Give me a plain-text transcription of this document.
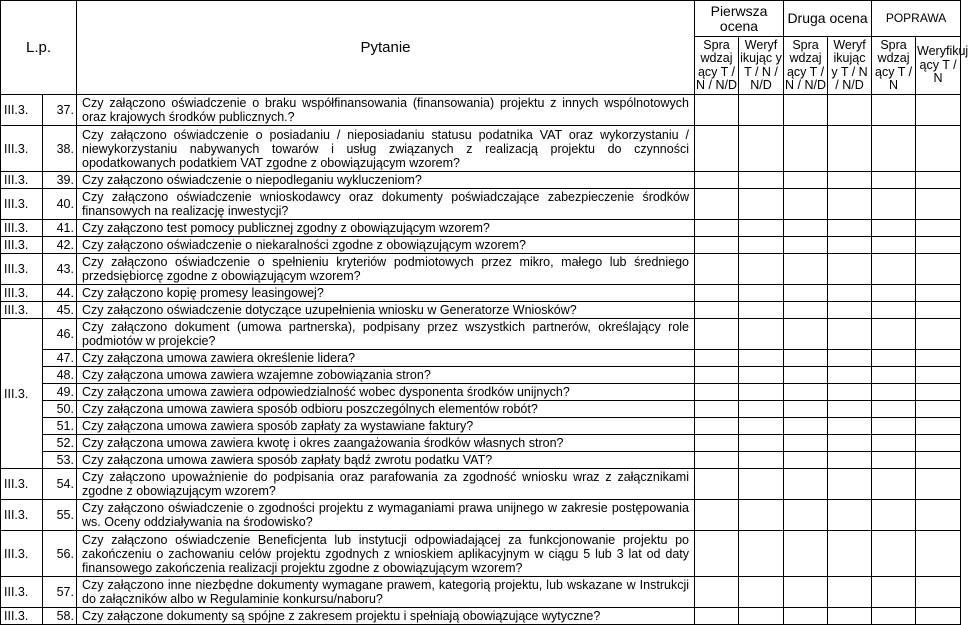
L.p.		Pytanie	Pierwsza ocena		Druga ocena		POPRAWA	
			Spra wdzaj ący T / N / N/D	Weryf ikując y T / N / N/D	Spra wdzaj ący T / N / N/D	Weryf ikując y T / N / N/D	Spra wdzaj ący T / N	Weryfikuj ący T / N
III.3.	37.	Czy załączono oświadczenie o braku współfinansowania (finansowania) projektu z innych wspólnotowych oraz krajowych środków publicznych.?						
III.3.	38.	Czy załączono oświadczenie o posiadaniu / nieposiadaniu statusu podatnika VAT oraz wykorzystaniu / niewykorzystaniu nabywanych towarów i usług związanych z realizacją projektu do czynności opodatkowanych podatkiem VAT zgodne z obowiązującym wzorem?						
III.3.	39.	Czy załączono oświadczenie o niepodleganiu wykluczeniom?						
III.3.	40.	Czy załączono oświadczenie wnioskodawcy oraz dokumenty poświadczające zabezpieczenie środków finansowych na realizację inwestycji?						
III.3.	41.	Czy załączono test pomocy publicznej zgodny z obowiązującym wzorem?						
III.3.	42.	Czy załączono oświadczenie o niekaralności zgodne z obowiązującym wzorem?						
III.3.	43.	Czy załączono oświadczenie o spełnieniu kryteriów podmiotowych przez mikro, małego lub średniego przedsiębiorcę zgodne z obowiązującym wzorem?						
III.3.	44.	Czy załączono kopię promesy leasingowej?						
III.3.	45.	Czy załączono oświadczenie dotyczące uzupełnienia wniosku w Generatorze Wniosków?						
III.3.	46.	Czy załączono dokument (umowa partnerska), podpisany przez wszystkich partnerów, określający role podmiotów w projekcie?						
	47.	Czy załączona umowa zawiera określenie lidera?						
	48.	Czy załączona umowa zawiera wzajemne zobowiązania stron?						
	49.	Czy załączona umowa zawiera odpowiedzialność wobec dysponenta środków unijnych?						
	50.	Czy załączona umowa zawiera sposób odbioru poszczególnych elementów robót?						
	51.	Czy załączona umowa zawiera sposób zapłaty za wystawiane faktury?						
	52.	Czy załączona umowa zawiera kwotę i okres zaangażowania środków własnych stron?						
	53.	Czy załączona umowa zawiera sposób zapłaty bądź zwrotu podatku VAT?						
III.3.	54.	Czy załączono upoważnienie do podpisania oraz parafowania za zgodność wniosku wraz z załącznikami zgodne z obowiązującym wzorem?						
III.3.	55.	Czy załączono oświadczenie o zgodności projektu z wymaganiami prawa unijnego w zakresie postępowania ws. Oceny oddziaływania na środowisko?						
III.3.	56.	Czy załączono oświadczenie Beneficjenta lub instytucji odpowiadającej za funkcjonowanie projektu po zakończeniu o zachowaniu celów projektu zgodnych z wnioskiem aplikacyjnym w ciągu 5 lub 3 lat od daty finansowego zakończenia realizacji projektu zgodne z obowiązującym wzorem?						
III.3.	57.	Czy załączono inne niezbędne dokumenty wymagane prawem, kategorią projektu, lub wskazane w Instrukcji do załączników albo w Regulaminie konkursu/naboru?						
III.3.	58.	Czy załączone dokumenty są spójne z zakresem projektu i spełniają obowiązujące wytyczne?						
